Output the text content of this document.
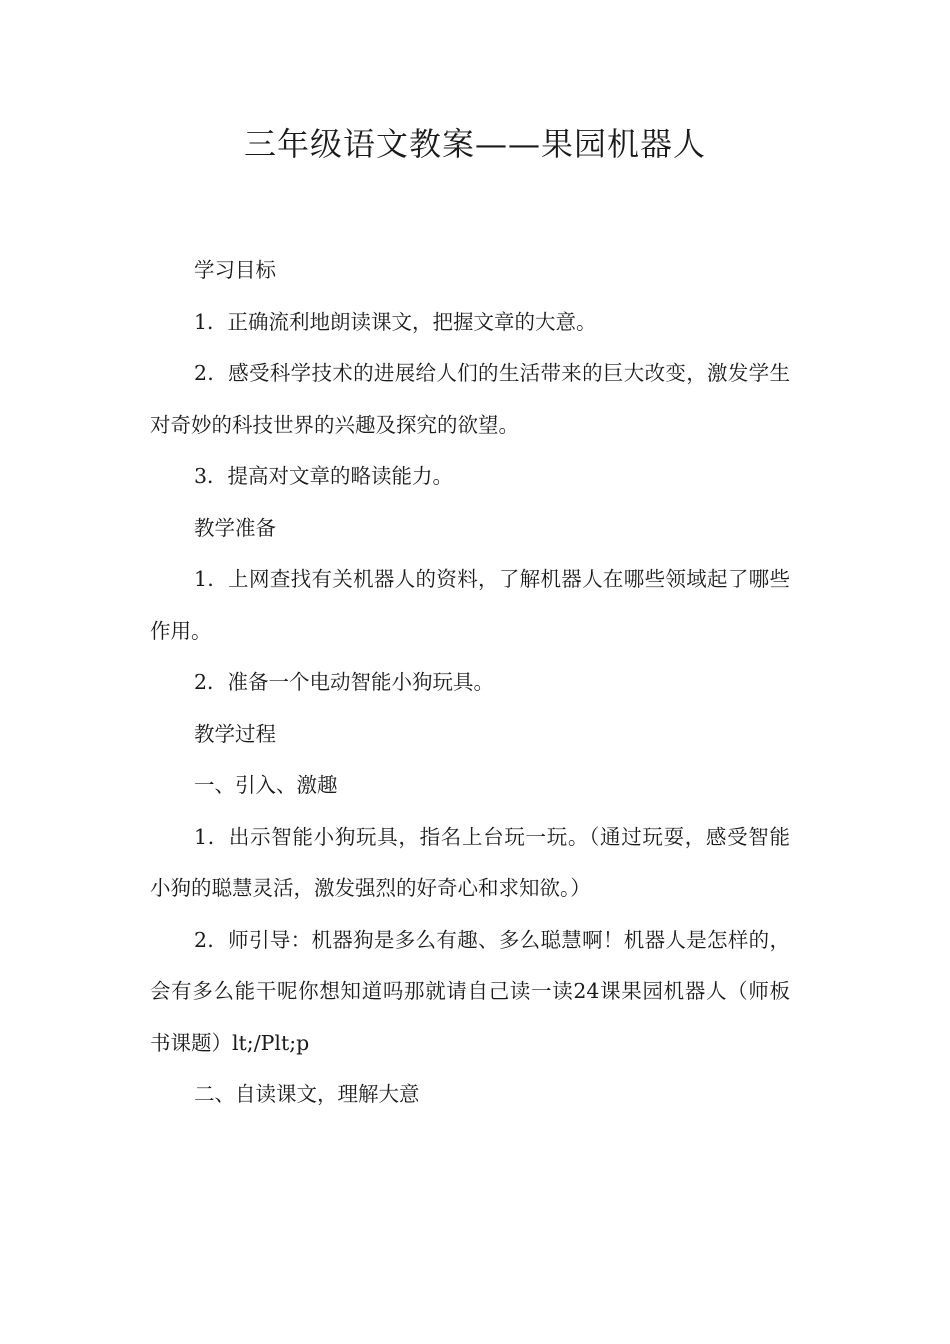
三年级语文教案——果园机器人

学习目标

1．正确流利地朗读课文，把握文章的大意。

2．感受科学技术的进展给人们的生活带来的巨大改变，激发学生对奇妙的科技世界的兴趣及探究的欲望。

3．提高对文章的略读能力。

教学准备

1．上网查找有关机器人的资料，了解机器人在哪些领域起了哪些作用。

2．准备一个电动智能小狗玩具。

教学过程

一、引入、激趣

1．出示智能小狗玩具，指名上台玩一玩。（通过玩耍，感受智能小狗的聪慧灵活，激发强烈的好奇心和求知欲。）

2．师引导：机器狗是多么有趣、多么聪慧啊！机器人是怎样的，会有多么能干呢你想知道吗那就请自己读一读24课果园机器人（师板书课题）lt;/Plt;p

二、自读课文，理解大意
